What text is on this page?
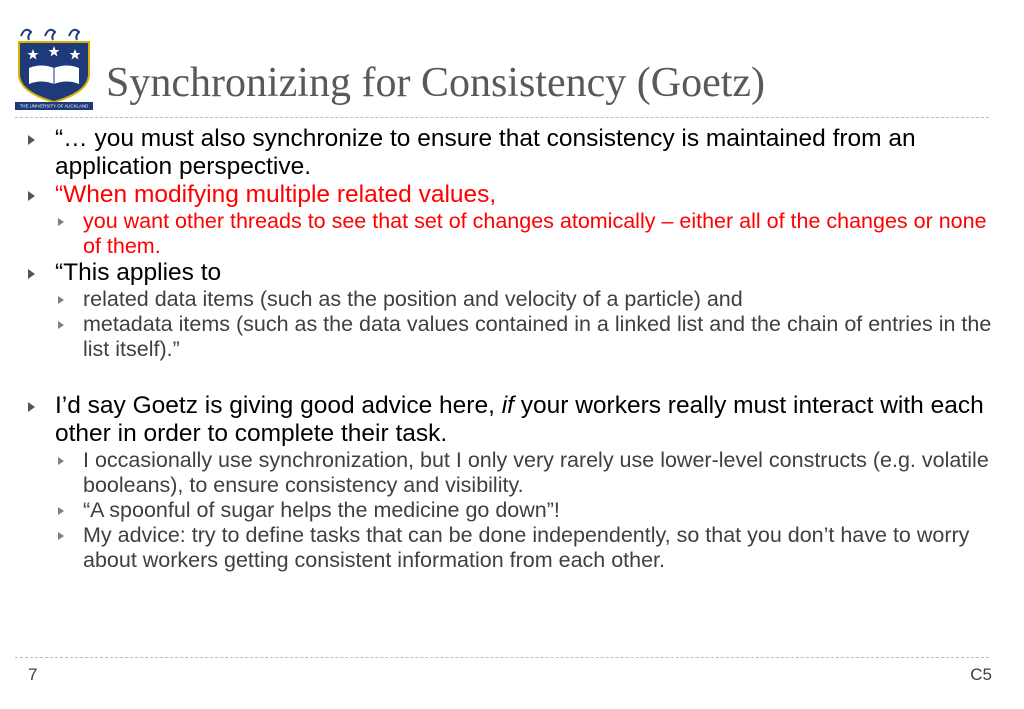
THE UNIVERSITY OF AUCKLAND Synchronizing for Consistency (Goetz)
“… you must also synchronize to ensure that consistency is maintained from an application perspective.
“When modifying multiple related values,
you want other threads to see that set of changes atomically – either all of the changes or none of them.
“This applies to
related data items (such as the position and velocity of a particle) and
metadata items (such as the data values contained in a linked list and the chain of entries in the list itself).”
I’d say Goetz is giving good advice here, if your workers really must interact with each other in order to complete their task.
I occasionally use synchronization, but I only very rarely use lower-level constructs (e.g. volatile booleans), to ensure consistency and visibility.
“A spoonful of sugar helps the medicine go down”!
My advice: try to define tasks that can be done independently, so that you don’t have to worry about workers getting consistent information from each other.
7	C5
